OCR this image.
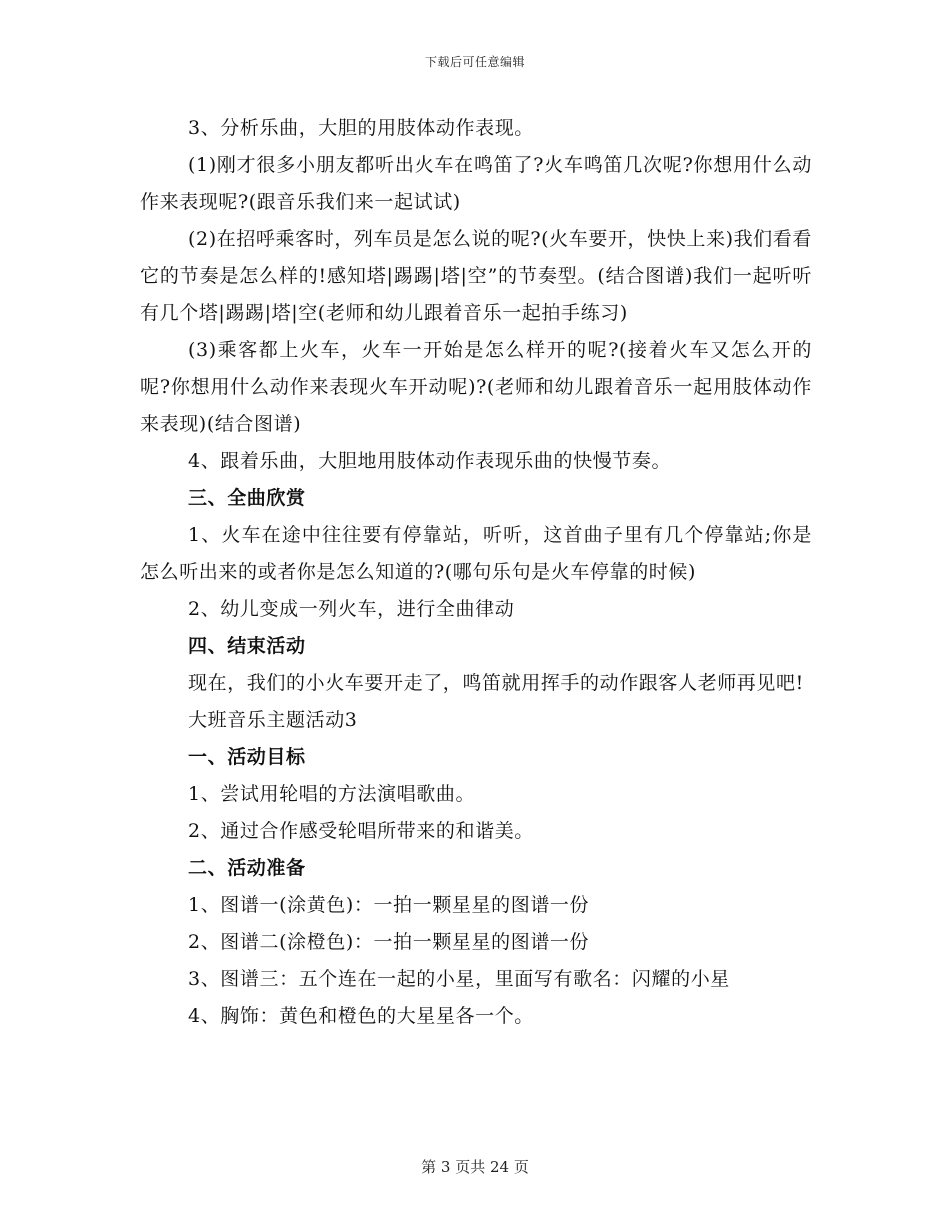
下载后可任意编辑

3、分析乐曲，大胆的用肢体动作表现。

(1)刚才很多小朋友都听出火车在鸣笛了?火车鸣笛几次呢?你想用什么动作来表现呢?(跟音乐我们来一起试试)

(2)在招呼乘客时，列车员是怎么说的呢?(火车要开，快快上来)我们看看它的节奏是怎么样的!感知塔|踢踢|塔|空”的节奏型。(结合图谱)我们一起听听有几个塔|踢踢|塔|空(老师和幼儿跟着音乐一起拍手练习)

(3)乘客都上火车，火车一开始是怎么样开的呢?(接着火车又怎么开的呢?你想用什么动作来表现火车开动呢)?(老师和幼儿跟着音乐一起用肢体动作来表现)(结合图谱)

4、跟着乐曲，大胆地用肢体动作表现乐曲的快慢节奏。

三、全曲欣赏

1、火车在途中往往要有停靠站，听听，这首曲子里有几个停靠站;你是怎么听出来的或者你是怎么知道的?(哪句乐句是火车停靠的时候)

2、幼儿变成一列火车，进行全曲律动

四、结束活动

现在，我们的小火车要开走了，鸣笛就用挥手的动作跟客人老师再见吧!

大班音乐主题活动3

一、活动目标

1、尝试用轮唱的方法演唱歌曲。

2、通过合作感受轮唱所带来的和谐美。

二、活动准备

1、图谱一(涂黄色)：一拍一颗星星的图谱一份

2、图谱二(涂橙色)：一拍一颗星星的图谱一份

3、图谱三：五个连在一起的小星，里面写有歌名：闪耀的小星

4、胸饰：黄色和橙色的大星星各一个。

第 3 页共 24 页
